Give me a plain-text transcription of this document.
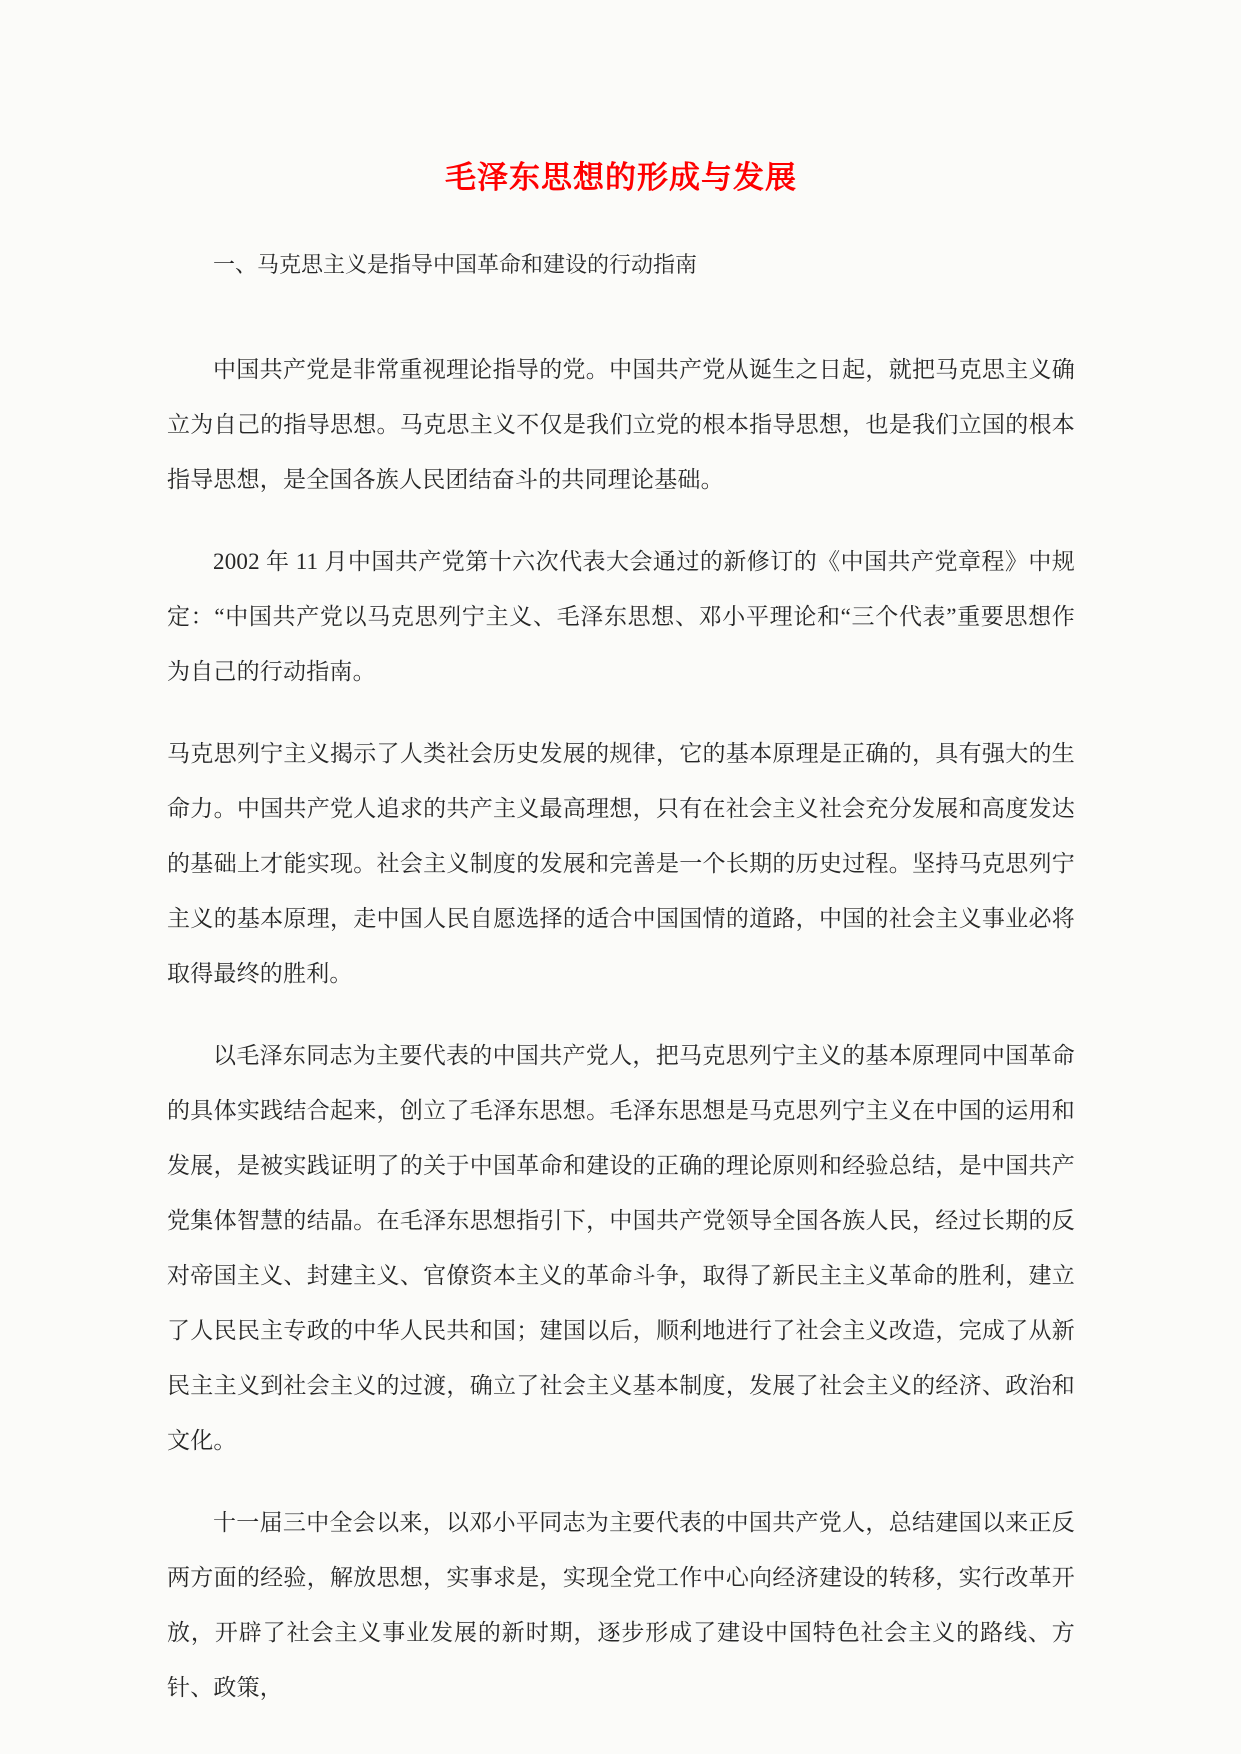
毛泽东思想的形成与发展
一、马克思主义是指导中国革命和建设的行动指南

中国共产党是非常重视理论指导的党。中国共产党从诞生之日起，就把马克思主义确立为自己的指导思想。马克思主义不仅是我们立党的根本指导思想，也是我们立国的根本指导思想，是全国各族人民团结奋斗的共同理论基础。

2002 年 11 月中国共产党第十六次代表大会通过的新修订的《中国共产党章程》中规定：“中国共产党以马克思列宁主义、毛泽东思想、邓小平理论和“三个代表”重要思想作为自己的行动指南。

马克思列宁主义揭示了人类社会历史发展的规律，它的基本原理是正确的，具有强大的生命力。中国共产党人追求的共产主义最高理想，只有在社会主义社会充分发展和高度发达的基础上才能实现。社会主义制度的发展和完善是一个长期的历史过程。坚持马克思列宁主义的基本原理，走中国人民自愿选择的适合中国国情的道路，中国的社会主义事业必将取得最终的胜利。

以毛泽东同志为主要代表的中国共产党人，把马克思列宁主义的基本原理同中国革命的具体实践结合起来，创立了毛泽东思想。毛泽东思想是马克思列宁主义在中国的运用和发展，是被实践证明了的关于中国革命和建设的正确的理论原则和经验总结，是中国共产党集体智慧的结晶。在毛泽东思想指引下，中国共产党领导全国各族人民，经过长期的反对帝国主义、封建主义、官僚资本主义的革命斗争，取得了新民主主义革命的胜利，建立了人民民主专政的中华人民共和国；建国以后，顺利地进行了社会主义改造，完成了从新民主主义到社会主义的过渡，确立了社会主义基本制度，发展了社会主义的经济、政治和文化。

十一届三中全会以来，以邓小平同志为主要代表的中国共产党人，总结建国以来正反两方面的经验，解放思想，实事求是，实现全党工作中心向经济建设的转移，实行改革开放，开辟了社会主义事业发展的新时期，逐步形成了建设中国特色社会主义的路线、方针、政策，
